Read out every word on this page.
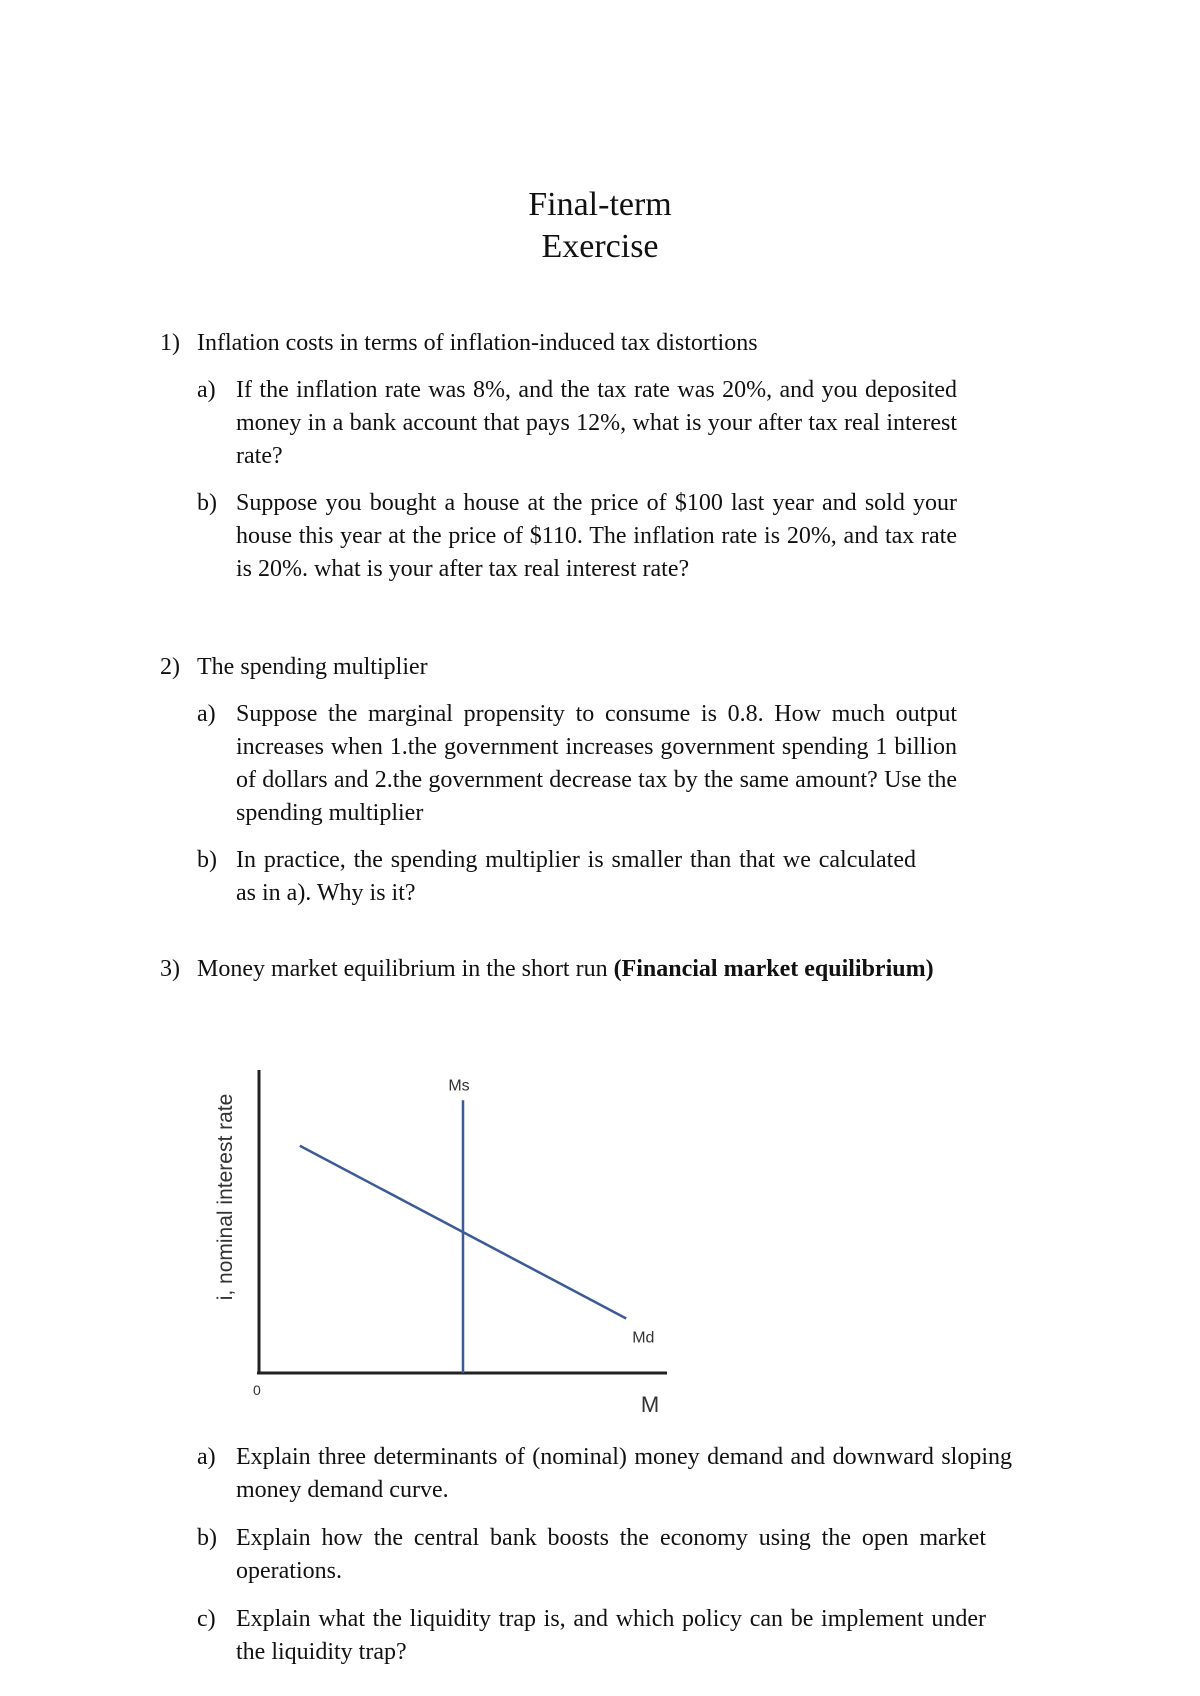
Final-term
Exercise
1) Inflation costs in terms of inflation-induced tax distortions
a) If the inflation rate was 8%, and the tax rate was 20%, and you deposited money in a bank account that pays 12%, what is your after tax real interest rate?
b) Suppose you bought a house at the price of $100 last year and sold your house this year at the price of $110. The inflation rate is 20%, and tax rate is 20%. what is your after tax real interest rate?
2) The spending multiplier
a) Suppose the marginal propensity to consume is 0.8. How much output increases when 1.the government increases government spending 1 billion of dollars and 2.the government decrease tax by the same amount? Use the spending multiplier
b) In practice, the spending multiplier is smaller than that we calculated as in a). Why is it?
3) Money market equilibrium in the short run (Financial market equilibrium)
Ms
Md
0
M
i, nominal interest rate
a) Explain three determinants of (nominal) money demand and downward sloping money demand curve.
b) Explain how the central bank boosts the economy using the open market operations.
c) Explain what the liquidity trap is, and which policy can be implement under the liquidity trap?
